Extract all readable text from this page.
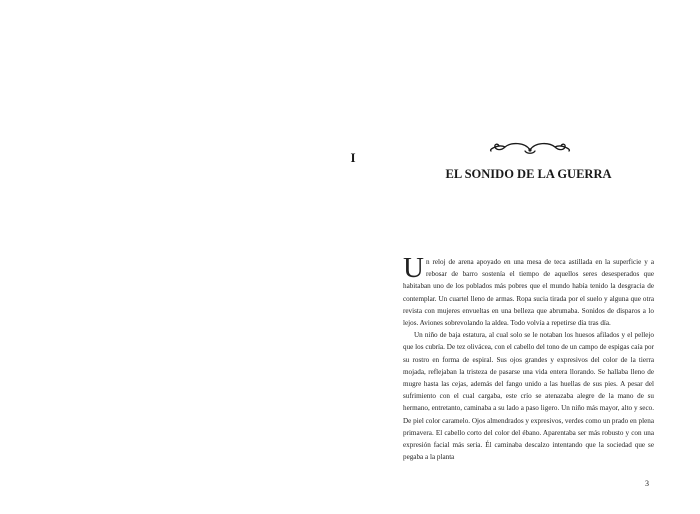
I
EL SONIDO DE LA GUERRA

Un reloj de arena apoyado en una mesa de teca astillada en la superficie y a rebosar de barro sostenía el tiempo de aquellos seres desesperados que habitaban uno de los poblados más pobres que el mundo había tenido la desgracia de contemplar. Un cuartel lleno de armas. Ropa sucia tirada por el suelo y alguna que otra revista con mujeres envueltas en una belleza que abrumaba. Sonidos de disparos a lo lejos. Aviones sobrevolando la aldea. Todo volvía a repetirse día tras día.

Un niño de baja estatura, al cual solo se le notaban los huesos afilados y el pellejo que los cubría. De tez oliváceа, con el cabello del tono de un campo de espigas caía por su rostro en forma de espiral. Sus ojos grandes y expresivos del color de la tierra mojada, reflejaban la tristeza de pasarse una vida entera llorando. Se hallaba lleno de mugre hasta las cejas, además del fango unido a las huellas de sus pies. A pesar del sufrimiento con el cual cargaba, este crío se atenazaba alegre de la mano de su hermano, entretanto, caminaba a su lado a paso ligero. Un niño más mayor, alto y seco. De piel color caramelo. Ojos almendrados y expresivos, verdes como un prado en plena primavera. El cabello corto del color del ébano. Aparentaba ser más robusto y con una expresión facial más seria. Él caminaba descalzo intentando que la sociedad que se pegaba a la planta

3
